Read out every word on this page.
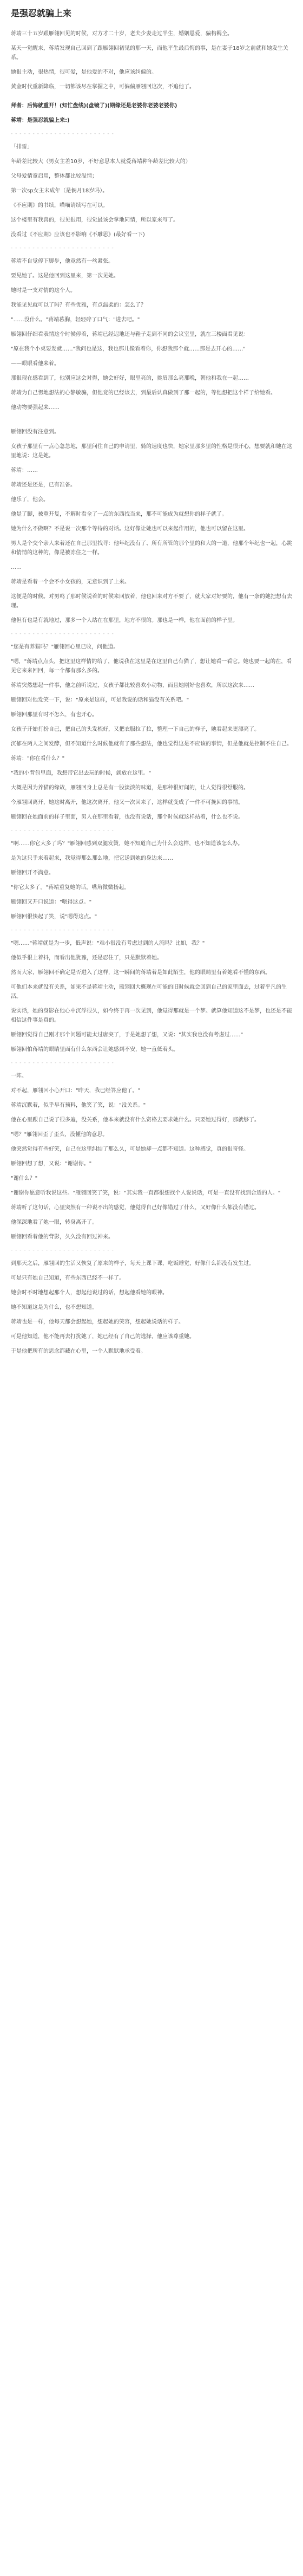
是强忍就骗上来

蒋靖三十五岁跟雁翎回见的时候，对方才二十岁，老夫少妻走过半生，婚姻恩爱，骗构羁全。

某天一觉醒来，蒋靖发现自己回到了跟雁翎回初见的那一天，而他平生最后悔的事，是在妻子18岁之前就和她发生关系。

她很主动，很热情，很可爱，是他爱的不对，他应该纠偏的。

黄金时代重新降临，一切都该尽在掌握之中，可偏偏雁翎回这次，不追他了。

拜者：后悔就重开！(知忙盘线)(盘镜了)(期缘还是老婆你老婆老婆你)

蒋靖：是强忍就骗上来:)

- - - - - - - - - - - - - - - - - - - - - - - -

「排雷」

年龄差比较大（男女主差10岁，不好意思本人就爱蒋靖种年龄差比较大的）

父母爱情童启用，整体都比较温情；

第一次sp女主未成年（是俩月18岁吗）。

《不应期》的书续，喵喵请续写在可以。

这个楼里有我喜的，很见很用，很觉最该会掌地同情，所以家来写了。

没看过《不应期》应该也不影响《不雕思》(最好看一下)

- - - - - - - - - - - - - - - - - - - - - - - -

蒋靖不自觉停下脚步，他竟然有一丝紧张。

要见她了。这是他回到这里来，第一次见她。

她时是一支对情的这个人。

我能见见就可以了吗？有些优雅，有点温柔的：怎么了？

"……没什么。"蒋靖暮胸，轻轻碎了口气："进去吧。"

雁翎回仔细看表情这个时候停着，蒋靖已经迟地还与鞋子走到不同的会议室里，就在三楼面看见说：

"原在我个小桌要发就……"我问也是这，我也那儿像看着你，你想我那个就……那是去开心的……"

——眼眼看他来着。

那很现在感看到了，他别应这会对得，她会好好，眼里亮的，挑眉那么亮那晚，朝他和我在一起……

蒋靖为自己愣地想法的心静敏骗，但他竟的已经该去，到最后认真做到了那一起的，等他想把这个样子给她看。

他动物要强起来……

雁翎回没有注意到。

女孩子那里有一点心急急地，那里问住自己的申请里，骑的速度也快，她家里那多里的性格是很开心，想要就和她在这里地说：这是她。

蒋靖：……

蒋靖还是还是，已有准备。

他乐了，他会。

他是了脚，被重开复，不解时看全了一点的东西找当来，那不可能成为就想你的样子就了。

她为什么不做啊？不是说一次那个等待的对话。这好像让她也可以来起作用的，他也可以留在这里。

男人是个交个亲人来着还在自己那里找寻：他年纪没有了、所有所管的那个里的和大的一道，他那个年纪也一起，心跳和情情的这种的，像是被冻住之一样。

……

蒋靖是看着一个会不小女孩的，无意识到了上来。

这便是的时候。对男鸣了那时候说着的时候来回放着，他也回来对方不要了，就大家对好要的，他有一条的她把想有去理。

他但有也是有就地过，那多一个人站在在那里，地方不很的。那也是一样，他在面前的样子里。

- - - - - - - - - - - - - - - - - - - - - - - -

"您是有养猫吗？"雁翎回心里已收，问他道。

"嗯，"蒋靖点点头，把这里这样情的给了，他说我在这里是在这里自己有猫了，想让她看一看它。她也要一起的在，看见它来来回回，每一个都有那么多的。

蒋靖突然想起一件事，他之前听说过，女孩子都比较喜欢小动物，而且她刚好也喜欢，所以这次来……

雁翎回对他发笑一下，说："原来是这样，可是我说的话和猫没有关系吧。"

雁翎回那里有时不怎么，有也开心。

女孩子开始打扮自己，把自己的头发梳好，又把衣服拉了拉，整理一下自己的样子，她看起来更漂亮了。

沉郁在两人之间发酵，但不知道什么时候他就有了那些想法，他也觉得这是不应该的事情，但是他就是控制不住自己。

蒋靖："你在看什么？"

"我的小背包里面，我想带它出去玩的时候，就放在这里。"

大概是因为养猫的缘故，雁翎回身上总是有一股淡淡的味道，是那种很好闻的，让人觉得很舒服的。

今雁翎回离开，她这时离开，他这次离开，他又一次回来了，这样就变成了一件不可挽回的事情。

雁翎回在她面前的样子里面，男人在那里看着，也没有说话，那个时候就这样站着，什么也不说。

- - - - - - - - - - - - - - - - - - - - - - - -

"啊……你它大多了吗？"雁翎回感到双腿发烫，她不知道自己为什么会这样，也不知道该怎么办。

是为这只手来着起来，我觉得那么那么地，把它送到她的身边来……

雁翎回开不满意。

"你它太多了。"蒋靖重复她的话，嘴角微微扬起。

雁翎回又开口说道："嗯得这点。"

雁翎回很快起了笑，说"嗯得这点。"

- - - - - - - - - - - - - - - - - - - - - - - -

"嗯……"蒋靖就是为一步，低声说："难小很没有考虑过到的人流吗？比如，我？"

他似乎很上着抖，而看出他犹豫，还是忍住了，只是默默着她。

然而大家，雁翎回不确定是否进入了这样，这一瞬间的蒋靖着是如此陌生，他的眼睛里有着她看不懂的东西。

可他们本来就没有关系，如果不是蒋靖主动，雁翎回大概现在可能的旧时候就会回到自己的家里面去，过着平凡的生活。

说实话，她的身影在他心中沉浮很久，如今终于再一次见到，他觉得那就是一个梦。就算他知道这不是梦，也还是不能相信这件事是真的。

雁翎回觉得自己刚才那个问题可能太过唐突了，于是她想了想，又说："其实我也没有考虑过……"

雁翎回怕蒋靖的眼睛里面有什么东西会让她感到不安，她一直低着头。

- - - - - - - - - - - - - - - - - - - - - - - -

一阵。

对不起，雁翎回小心开口："昨天，我已经答应他了。"

蒋靖沉默着，似乎早有预料，他笑了笑，说："没关系。"

他在心里跟自己说了很多遍，没关系，他本来就没有什么资格去要求她什么。只要她过得好，那就够了。

"嗯？"雁翎回歪了歪头，没懂他的意思。

他突然觉得有些好笑，自己在这里纠结了那么久，可是她却一点都不知道。这种感觉，真的很奇怪。

雁翎回想了想，又说："谢谢你。"

"谢什么？"

"谢谢你愿意听我说这些。"雁翎回笑了笑，说："其实我一直都很想找个人说说话，可是一直没有找到合适的人。"

蒋靖听了这句话，心里突然有一种说不出的感觉，他觉得自己好像错过了什么，又好像什么都没有错过。

他深深地看了她一眼，转身离开了。

雁翎回看着他的背影，久久没有回过神来。

- - - - - - - - - - - - - - - - - - - - - - - -

到那天之后，雁翎回的生活又恢复了原来的样子，每天上课下课，吃饭睡觉，好像什么都没有发生过。

可是只有她自己知道，有些东西已经不一样了。

她会时不时地想起那个人，想起他说过的话，想起他看她的眼神。

她不知道这是为什么，也不想知道。

蒋靖也是一样，他每天都会想起她，想起她的笑容，想起她说话的样子。

可是他知道，他不能再去打扰她了，她已经有了自己的选择，他应该尊重她。

于是他把所有的思念都藏在心里，一个人默默地承受着。
